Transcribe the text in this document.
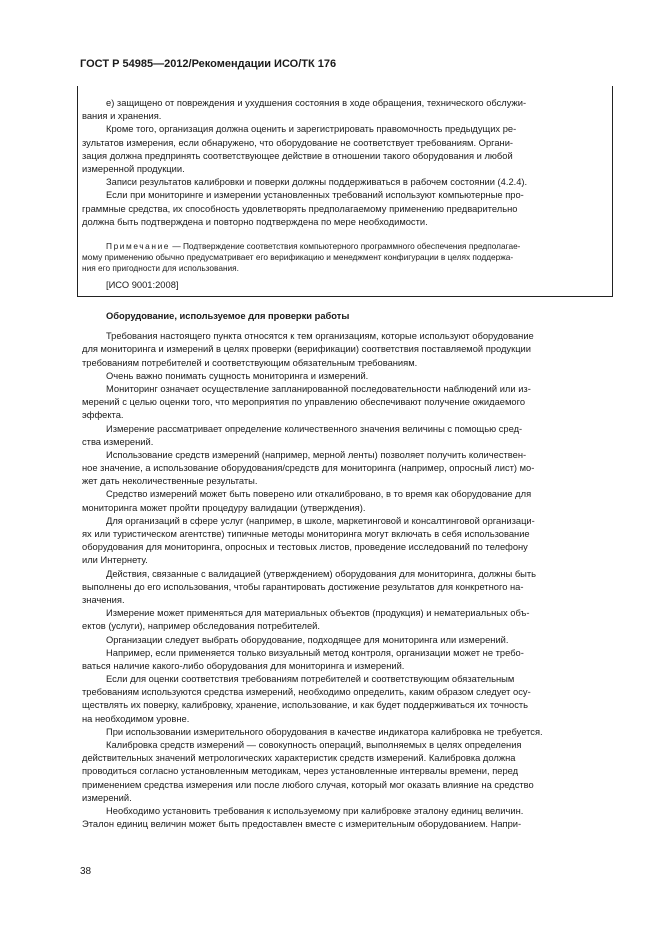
ГОСТ Р 54985—2012/Рекомендации ИСО/ТК 176
е) защищено от повреждения и ухудшения состояния в ходе обращения, технического обслужи-
вания и хранения.
Кроме того, организация должна оценить и зарегистрировать правомочность предыдущих ре-
зультатов измерения, если обнаружено, что оборудование не соответствует требованиям. Органи-
зация должна предпринять соответствующее действие в отношении такого оборудования и любой
измеренной продукции.
Записи результатов калибровки и поверки должны поддерживаться в рабочем состоянии (4.2.4).
Если при мониторинге и измерении установленных требований используют компьютерные про-
граммные средства, их способность удовлетворять предполагаемому применению предварительно
должна быть подтверждена и повторно подтверждена по мере необходимости.
Примечание — Подтверждение соответствия компьютерного программного обеспечения предполагае-
мому применению обычно предусматривает его верификацию и менеджмент конфигурации в целях поддержа-
ния его пригодности для использования.
[ИСО 9001:2008]
Оборудование, используемое для проверки работы
Требования настоящего пункта относятся к тем организациям, которые используют оборудование
для мониторинга и измерений в целях проверки (верификации) соответствия поставляемой продукции
требованиям потребителей и соответствующим обязательным требованиям.
Очень важно понимать сущность мониторинга и измерений.
Мониторинг означает осуществление запланированной последовательности наблюдений или из-
мерений с целью оценки того, что мероприятия по управлению обеспечивают получение ожидаемого
эффекта.
Измерение рассматривает определение количественного значения величины с помощью сред-
ства измерений.
Использование средств измерений (например, мерной ленты) позволяет получить количествен-
ное значение, а использование оборудования/средств для мониторинга (например, опросный лист) мо-
жет дать неколичественные результаты.
Средство измерений может быть поверено или откалибровано, в то время как оборудование для
мониторинга может пройти процедуру валидации (утверждения).
Для организаций в сфере услуг (например, в школе, маркетинговой и консалтинговой организаци-
ях или туристическом агентстве) типичные методы мониторинга могут включать в себя использование
оборудования для мониторинга, опросных и тестовых листов, проведение исследований по телефону
или Интернету.
Действия, связанные с валидацией (утверждением) оборудования для мониторинга, должны быть
выполнены до его использования, чтобы гарантировать достижение результатов для конкретного на-
значения.
Измерение может применяться для материальных объектов (продукция) и нематериальных объ-
ектов (услуги), например обследования потребителей.
Организации следует выбрать оборудование, подходящее для мониторинга или измерений.
Например, если применяется только визуальный метод контроля, организации может не требо-
ваться наличие какого-либо оборудования для мониторинга и измерений.
Если для оценки соответствия требованиям потребителей и соответствующим обязательным
требованиям используются средства измерений, необходимо определить, каким образом следует осу-
ществлять их поверку, калибровку, хранение, использование, и как будет поддерживаться их точность
на необходимом уровне.
При использовании измерительного оборудования в качестве индикатора калибровка не требуется.
Калибровка средств измерений — совокупность операций, выполняемых в целях определения
действительных значений метрологических характеристик средств измерений. Калибровка должна
проводиться согласно установленным методикам, через установленные интервалы времени, перед
применением средства измерения или после любого случая, который мог оказать влияние на средство
измерений.
Необходимо установить требования к используемому при калибровке эталону единиц величин.
Эталон единиц величин может быть предоставлен вместе с измерительным оборудованием. Напри-
38
